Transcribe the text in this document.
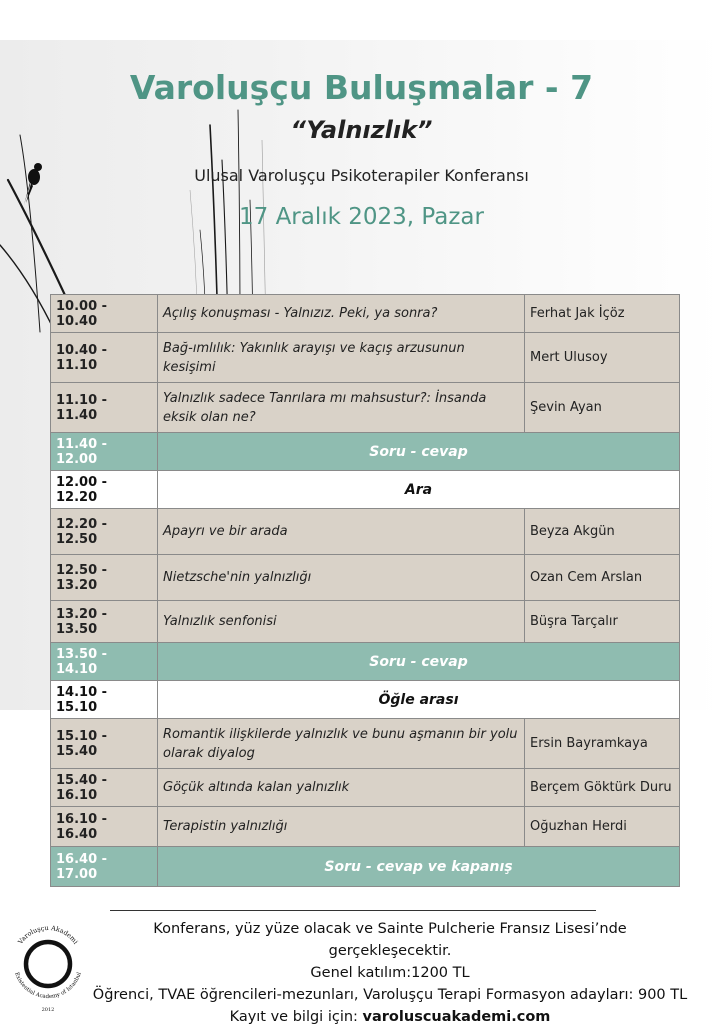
Varoluşçu Buluşmalar - 7
“Yalnızlık”
Ulusal Varoluşçu Psikoterapiler Konferansı
17 Aralık 2023, Pazar
10.00 - 10.40	Açılış konuşması - Yalnızız. Peki, ya sonra?	Ferhat Jak İçöz
10.40 - 11.10	Bağ-ımlılık: Yakınlık arayışı ve kaçış arzusunun kesişimi	Mert Ulusoy
11.10 - 11.40	Yalnızlık sadece Tanrılara mı mahsustur?: İnsanda eksik olan ne?	Şevin Ayan
11.40 - 12.00	Soru - cevap	
12.00 - 12.20	Ara	
12.20 - 12.50	Apayrı ve bir arada	Beyza Akgün
12.50 - 13.20	Nietzsche'nin yalnızlığı	Ozan Cem Arslan
13.20 - 13.50	Yalnızlık senfonisi	Büşra Tarçalır
13.50 - 14.10	Soru - cevap	
14.10 - 15.10	Öğle arası	
15.10 - 15.40	Romantik ilişkilerde yalnızlık ve bunu aşmanın bir yolu olarak diyalog	Ersin Bayramkaya
15.40 - 16.10	Göçük altında kalan yalnızlık	Berçem Göktürk Duru
16.10 - 16.40	Terapistin yalnızlığı	Oğuzhan Herdi
16.40 - 17.00	Soru - cevap ve kapanış	
Varoluşçu Akademi
Existential Academy of Istanbul
2012
Konferans, yüz yüze olacak ve Sainte Pulcherie Fransız Lisesi’nde gerçekleşecektir.
Genel katılım:1200 TL
Öğrenci, TVAE öğrencileri-mezunları, Varoluşçu Terapi Formasyon adayları: 900 TL
Kayıt ve bilgi için: varoluscuakademi.com
